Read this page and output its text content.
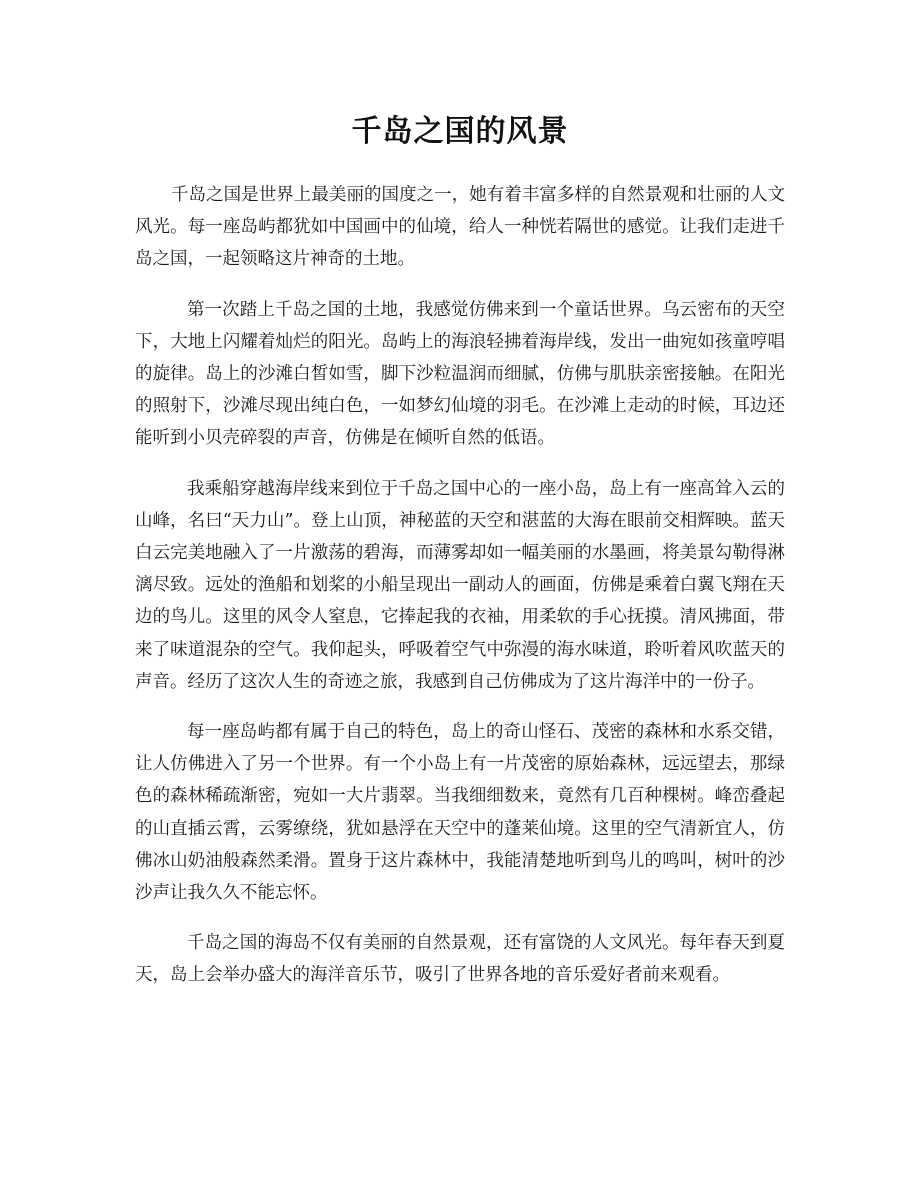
千岛之国的风景

千岛之国是世界上最美丽的国度之一，她有着丰富多样的自然景观和壮丽的人文风光。每一座岛屿都犹如中国画中的仙境，给人一种恍若隔世的感觉。让我们走进千岛之国，一起领略这片神奇的土地。

第一次踏上千岛之国的土地，我感觉仿佛来到一个童话世界。乌云密布的天空下，大地上闪耀着灿烂的阳光。岛屿上的海浪轻拂着海岸线，发出一曲宛如孩童哼唱的旋律。岛上的沙滩白皙如雪，脚下沙粒温润而细腻，仿佛与肌肤亲密接触。在阳光的照射下，沙滩尽现出纯白色，一如梦幻仙境的羽毛。在沙滩上走动的时候，耳边还能听到小贝壳碎裂的声音，仿佛是在倾听自然的低语。

我乘船穿越海岸线来到位于千岛之国中心的一座小岛，岛上有一座高耸入云的山峰，名曰“天力山”。登上山顶，神秘蓝的天空和湛蓝的大海在眼前交相辉映。蓝天白云完美地融入了一片激荡的碧海，而薄雾却如一幅美丽的水墨画，将美景勾勒得淋漓尽致。远处的渔船和划桨的小船呈现出一副动人的画面，仿佛是乘着白翼飞翔在天边的鸟儿。这里的风令人窒息，它捧起我的衣袖，用柔软的手心抚摸。清风拂面，带来了味道混杂的空气。我仰起头，呼吸着空气中弥漫的海水味道，聆听着风吹蓝天的声音。经历了这次人生的奇迹之旅，我感到自己仿佛成为了这片海洋中的一份子。

每一座岛屿都有属于自己的特色，岛上的奇山怪石、茂密的森林和水系交错，让人仿佛进入了另一个世界。有一个小岛上有一片茂密的原始森林，远远望去，那绿色的森林稀疏渐密，宛如一大片翡翠。当我细细数来，竟然有几百种棵树。峰峦叠起的山直插云霄，云雾缭绕，犹如悬浮在天空中的蓬莱仙境。这里的空气清新宜人，仿佛冰山奶油般森然柔滑。置身于这片森林中，我能清楚地听到鸟儿的鸣叫，树叶的沙沙声让我久久不能忘怀。

千岛之国的海岛不仅有美丽的自然景观，还有富饶的人文风光。每年春天到夏天，岛上会举办盛大的海洋音乐节，吸引了世界各地的音乐爱好者前来观看。
